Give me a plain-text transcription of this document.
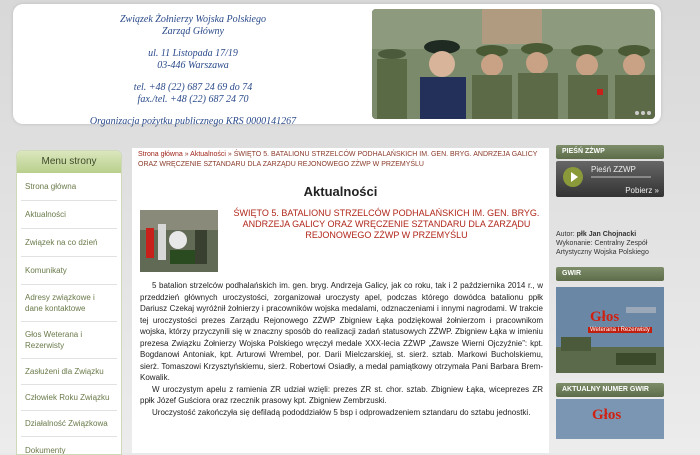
Związek Żołnierzy Wojska Polskiego
Zarząd Główny
ul. 11 Listopada 17/19
03-446 Warszawa
tel. +48 (22) 687 24 69 do 74
fax./tel. +48 (22) 687 24 70
Organizacja pożytku publicznego KRS 0000141267
Menu strony
Strona główna
Aktualności
Związek na co dzień
Komunikaty
Adresy związkowe i dane kontaktowe
Głos Weterana i Rezerwisty
Zasłużeni dla Związku
Człowiek Roku Związku
Działalność Związkowa
Dokumenty
Strona główna » Aktualności » ŚWIĘTO 5. BATALIONU STRZELCÓW PODHALAŃSKICH IM. GEN. BRYG. ANDRZEJA GALICY ORAZ WRĘCZENIE SZTANDARU DLA ZARZĄDU REJONOWEGO ZŻWP W PRZEMYŚLU
Aktualności
ŚWIĘTO 5. BATALIONU STRZELCÓW PODHALAŃSKICH IM. GEN. BRYG. ANDRZEJA GALICY ORAZ WRĘCZENIE SZTANDARU DLA ZARZĄDU REJONOWEGO ZŻWP W PRZEMYŚLU

5 batalion strzelców podhalańskich im. gen. bryg. Andrzeja Galicy, jak co roku, tak i 2 października 2014 r., w przeddzień głównych uroczystości, zorganizował uroczysty apel, podczas którego dowódca batalionu ppłk Dariusz Czekaj wyróżnił żołnierzy i pracowników wojska medalami, odznaczeniami i innymi nagrodami. W trakcie tej uroczystości prezes Zarządu Rejonowego ZŻWP Zbigniew Łąka podziękował żołnierzom i pracownikom wojska, którzy przyczynili się w znaczny sposób do realizacji zadań statusowych ZŻWP. Zbigniew Łąka w imieniu prezesa Związku Żołnierzy Wojska Polskiego wręczył medale XXX-lecia ZŻWP „Zawsze Wierni Ojczyźnie”: kpt. Bogdanowi Antoniak, kpt. Arturowi Wrembel, por. Darii Mielczarskiej, st. sierż. sztab. Markowi Bucholskiemu, sierż. Tomaszowi Krzysztyńskiemu, sierż. Robertowi Osiadły, a medal pamiątkowy otrzymała Pani Barbara Brem-Kowalik.

W uroczystym apelu z ramienia ZR udział wzięli: prezes ZR st. chor. sztab. Zbigniew Łąka, wiceprezes ZR ppłk Józef Guściora oraz rzecznik prasowy kpt. Zbigniew Zembrzuski.

Uroczystość zakończyła się defiladą pododdziałów 5 bsp i odprowadzeniem sztandaru do sztabu jednostki.

PIEŚŃ ZŻWP
Pieśń ZZWP
Pobierz »
Autor: płk Jan Chojnacki
Wykonanie: Centralny Zespół Artystyczny Wojska Polskiego
GWIR
Głos
Weterana i Rezerwisty
AKTUALNY NUMER GWIR
Głos
